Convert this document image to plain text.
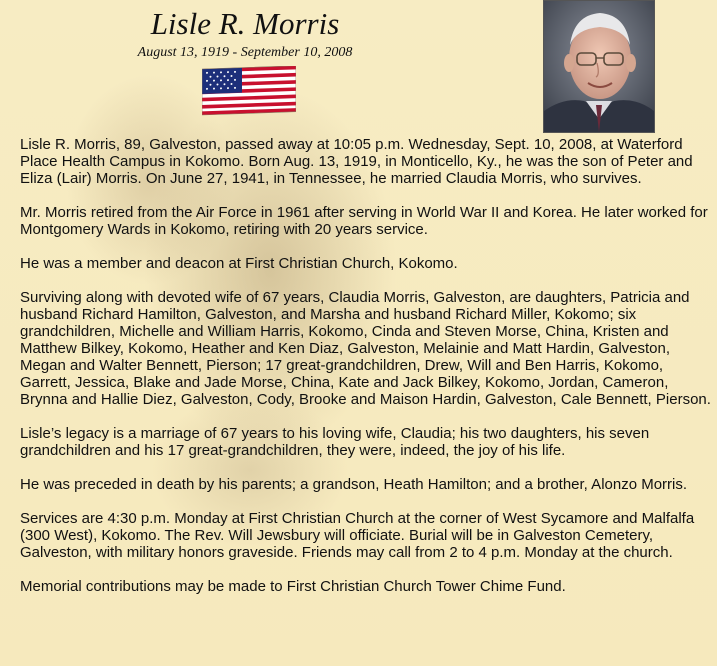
Lisle R. Morris
August 13, 1919 - September 10, 2008

Lisle R. Morris, 89, Galveston, passed away at 10:05 p.m. Wednesday, Sept. 10, 2008, at Waterford Place Health Campus in Kokomo. Born Aug. 13, 1919, in Monticello, Ky., he was the son of Peter and Eliza (Lair) Morris. On June 27, 1941, in Tennessee, he married Claudia Morris, who survives.

Mr. Morris retired from the Air Force in 1961 after serving in World War II and Korea. He later worked for Montgomery Wards in Kokomo, retiring with 20 years service.

He was a member and deacon at First Christian Church, Kokomo.

Surviving along with devoted wife of 67 years, Claudia Morris, Galveston, are daughters, Patricia and husband Richard Hamilton, Galveston, and Marsha and husband Richard Miller, Kokomo; six grandchildren, Michelle and William Harris, Kokomo, Cinda and Steven Morse, China, Kristen and Matthew Bilkey, Kokomo, Heather and Ken Diaz, Galveston, Melainie and Matt Hardin, Galveston, Megan and Walter Bennett, Pierson; 17 great-grandchildren, Drew, Will and Ben Harris, Kokomo, Garrett, Jessica, Blake and Jade Morse, China, Kate and Jack Bilkey, Kokomo, Jordan, Cameron, Brynna and Hallie Diez, Galveston, Cody, Brooke and Maison Hardin, Galveston, Cale Bennett, Pierson.

Lisle’s legacy is a marriage of 67 years to his loving wife, Claudia; his two daughters, his seven grandchildren and his 17 great-grandchildren, they were, indeed, the joy of his life.

He was preceded in death by his parents; a grandson, Heath Hamilton; and a brother, Alonzo Morris.

Services are 4:30 p.m. Monday at First Christian Church at the corner of West Sycamore and Malfalfa (300 West), Kokomo. The Rev. Will Jewsbury will officiate. Burial will be in Galveston Cemetery, Galveston, with military honors graveside. Friends may call from 2 to 4 p.m. Monday at the church.

Memorial contributions may be made to First Christian Church Tower Chime Fund.
